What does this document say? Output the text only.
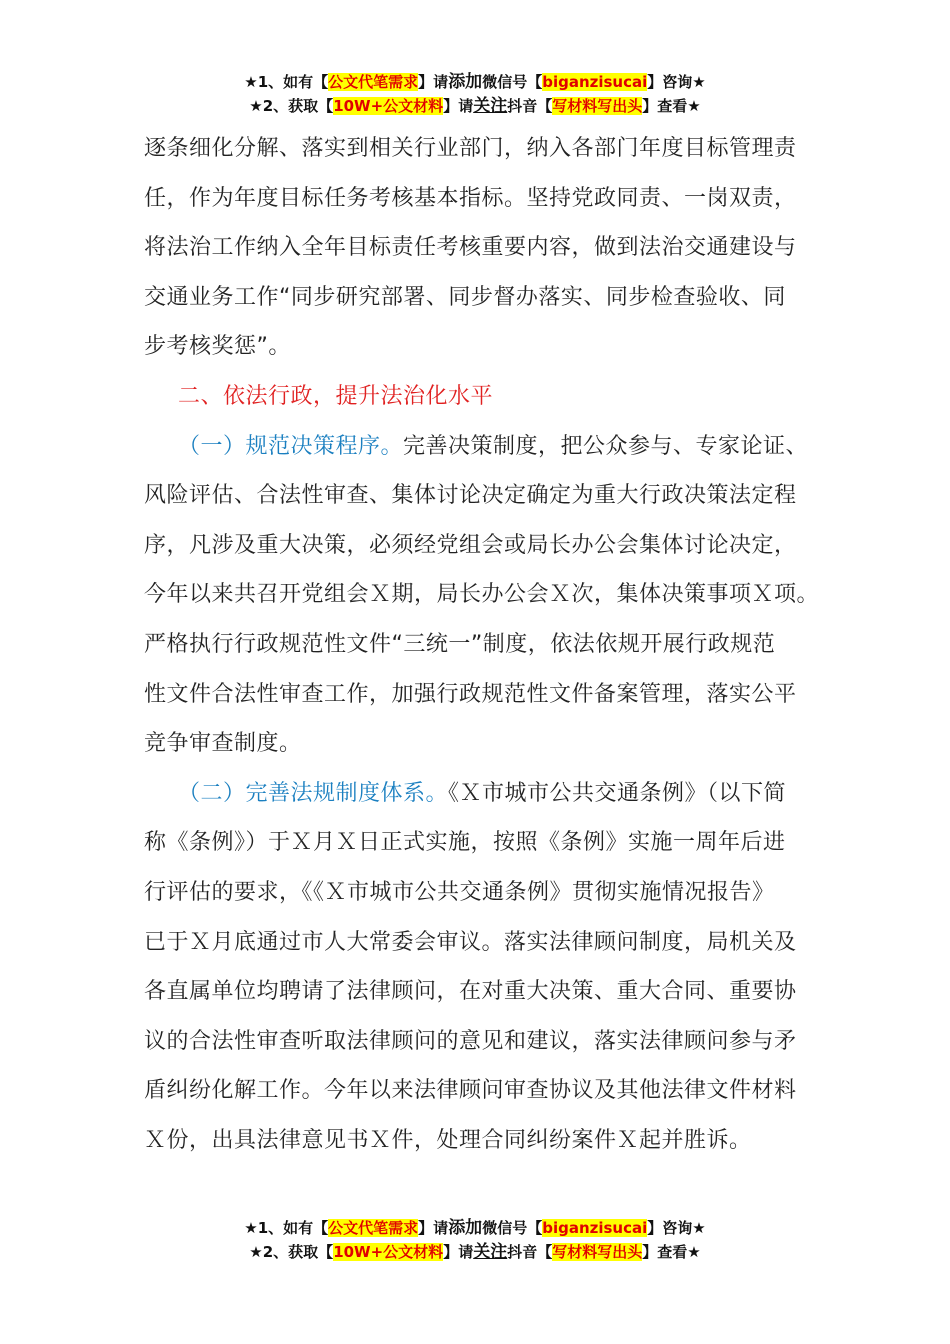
★1、如有【公文代笔需求】请添加微信号【biganzisucai】咨询★
★2、获取【10W+公文材料】请关注抖音【写材料写出头】查看★

逐条细化分解、落实到相关行业部门，纳入各部门年度目标管理责
任，作为年度目标任务考核基本指标。坚持党政同责、一岗双责，
将法治工作纳入全年目标责任考核重要内容，做到法治交通建设与
交通业务工作“同步研究部署、同步督办落实、同步检查验收、同
步考核奖惩”。

二、依法行政，提升法治化水平

（一）规范决策程序。完善决策制度，把公众参与、专家论证、
风险评估、合法性审查、集体讨论决定确定为重大行政决策法定程
序，凡涉及重大决策，必须经党组会或局长办公会集体讨论决定，
今年以来共召开党组会Ｘ期，局长办公会Ｘ次，集体决策事项Ｘ项。
严格执行行政规范性文件“三统一”制度，依法依规开展行政规范
性文件合法性审查工作，加强行政规范性文件备案管理，落实公平
竞争审查制度。

（二）完善法规制度体系。《Ｘ市城市公共交通条例》（以下简
称《条例》）于Ｘ月Ｘ日正式实施，按照《条例》实施一周年后进
行评估的要求，《《Ｘ市城市公共交通条例》贯彻实施情况报告》
已于Ｘ月底通过市人大常委会审议。落实法律顾问制度，局机关及
各直属单位均聘请了法律顾问，在对重大决策、重大合同、重要协
议的合法性审查听取法律顾问的意见和建议，落实法律顾问参与矛
盾纠纷化解工作。今年以来法律顾问审查协议及其他法律文件材料
Ｘ份，出具法律意见书Ｘ件，处理合同纠纷案件Ｘ起并胜诉。

★1、如有【公文代笔需求】请添加微信号【biganzisucai】咨询★
★2、获取【10W+公文材料】请关注抖音【写材料写出头】查看★
